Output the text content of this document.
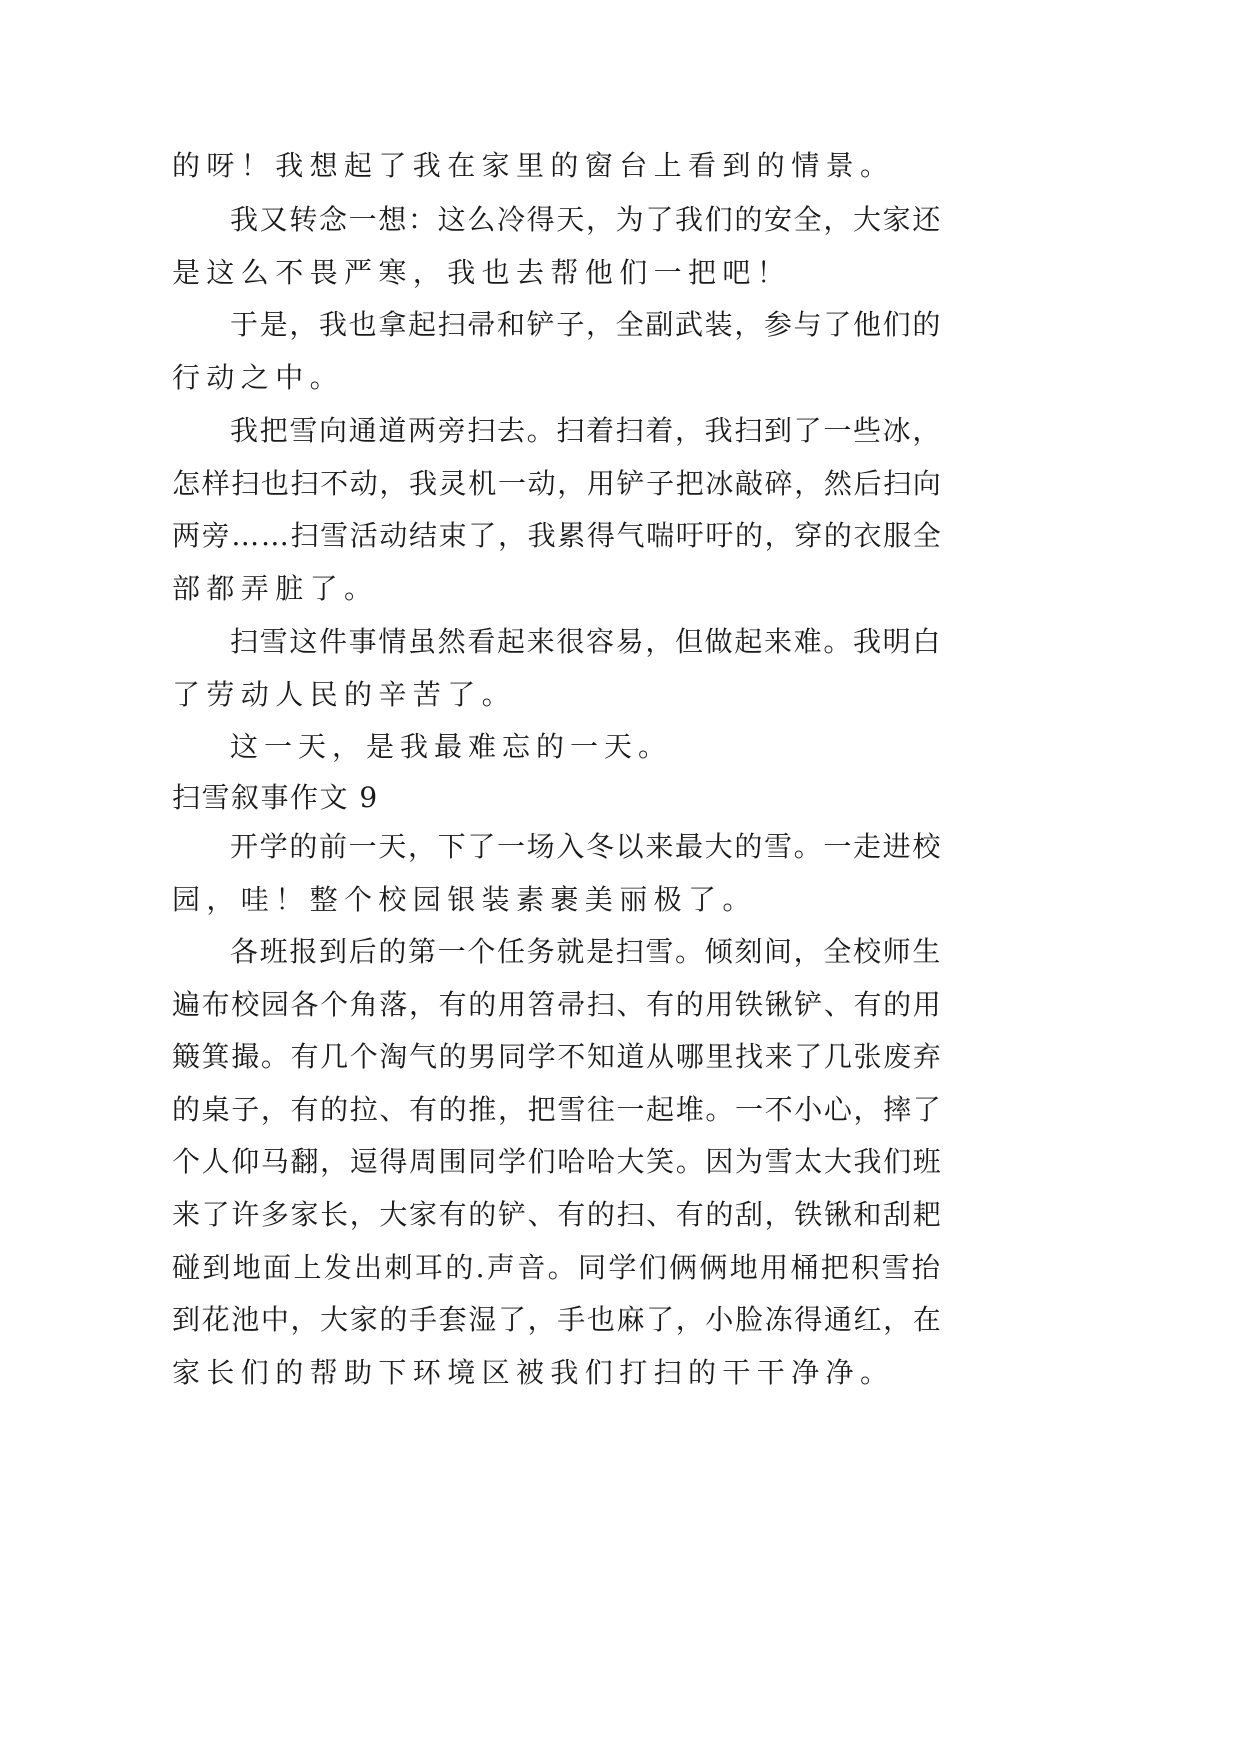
的呀！我想起了我在家里的窗台上看到的情景。
我又转念一想：这么冷得天，为了我们的安全，大家还
是这么不畏严寒，我也去帮他们一把吧！
于是，我也拿起扫帚和铲子，全副武装，参与了他们的
行动之中。
我把雪向通道两旁扫去。扫着扫着，我扫到了一些冰，
怎样扫也扫不动，我灵机一动，用铲子把冰敲碎，然后扫向
两旁……扫雪活动结束了，我累得气喘吁吁的，穿的衣服全
部都弄脏了。
扫雪这件事情虽然看起来很容易，但做起来难。我明白
了劳动人民的辛苦了。
这一天，是我最难忘的一天。
扫雪叙事作文 9
开学的前一天，下了一场入冬以来最大的雪。一走进校
园，哇！整个校园银装素裹美丽极了。
各班报到后的第一个任务就是扫雪。倾刻间，全校师生
遍布校园各个角落，有的用笤帚扫、有的用铁锹铲、有的用
簸箕撮。有几个淘气的男同学不知道从哪里找来了几张废弃
的桌子，有的拉、有的推，把雪往一起堆。一不小心，摔了
个人仰马翻，逗得周围同学们哈哈大笑。因为雪太大我们班
来了许多家长，大家有的铲、有的扫、有的刮，铁锹和刮耙
碰到地面上发出刺耳的.声音。同学们俩俩地用桶把积雪抬
到花池中，大家的手套湿了，手也麻了，小脸冻得通红，在
家长们的帮助下环境区被我们打扫的干干净净。
